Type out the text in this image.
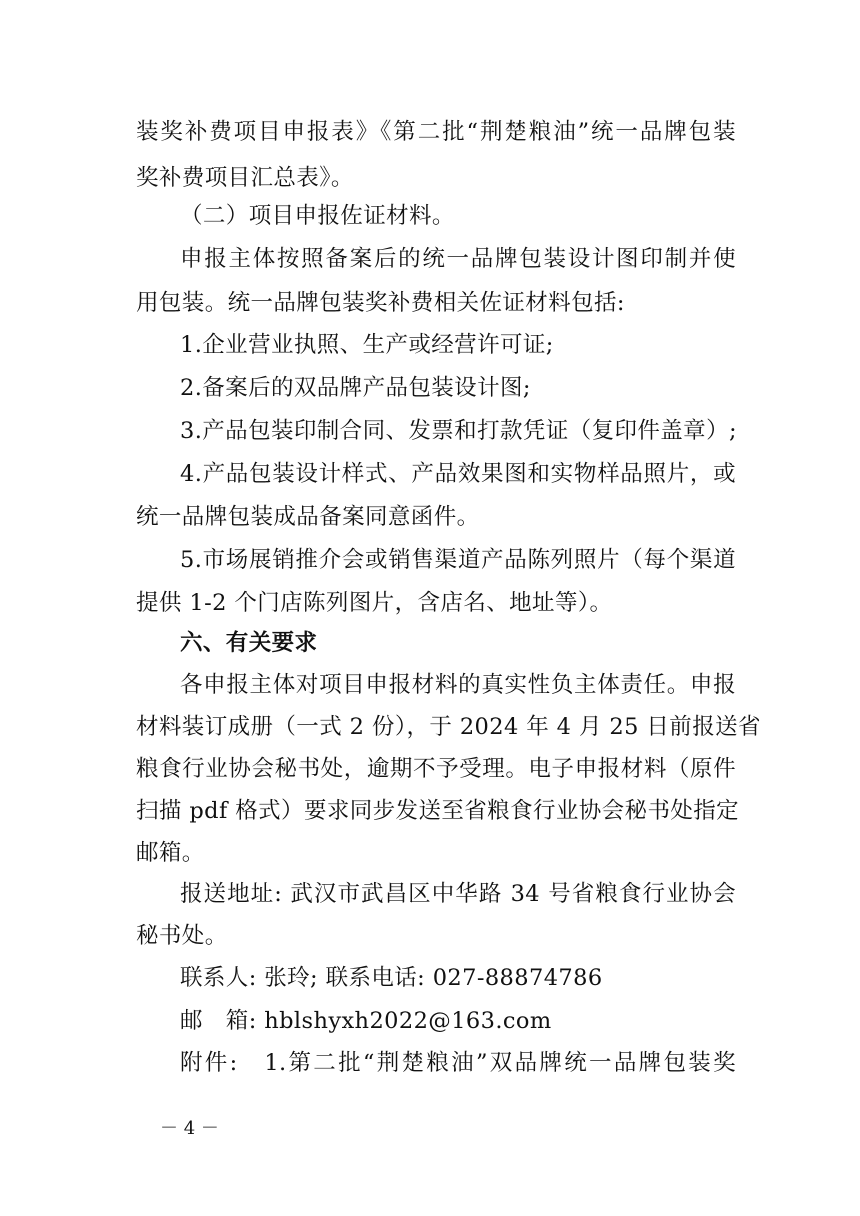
装奖补费项目申报表》《第二批“荆楚粮油”统一品牌包装
奖补费项目汇总表》。
（二）项目申报佐证材料。
申报主体按照备案后的统一品牌包装设计图印制并使
用包装。统一品牌包装奖补费相关佐证材料包括:
1.企业营业执照、生产或经营许可证;
2.备案后的双品牌产品包装设计图;
3.产品包装印制合同、发票和打款凭证（复印件盖章）;
4.产品包装设计样式、产品效果图和实物样品照片，或
统一品牌包装成品备案同意函件。
5.市场展销推介会或销售渠道产品陈列照片（每个渠道
提供 1-2 个门店陈列图片，含店名、地址等）。
六、有关要求
各申报主体对项目申报材料的真实性负主体责任。申报
材料装订成册（一式 2 份），于 2024 年 4 月 25 日前报送省
粮食行业协会秘书处，逾期不予受理。电子申报材料（原件
扫描 pdf 格式）要求同步发送至省粮食行业协会秘书处指定
邮箱。
报送地址: 武汉市武昌区中华路 34 号省粮食行业协会
秘书处。
联系人: 张玲; 联系电话: 027-88874786
邮　箱: hblshyxh2022@163.com
附件:　1.第二批“荆楚粮油”双品牌统一品牌包装奖
－ 4 －
